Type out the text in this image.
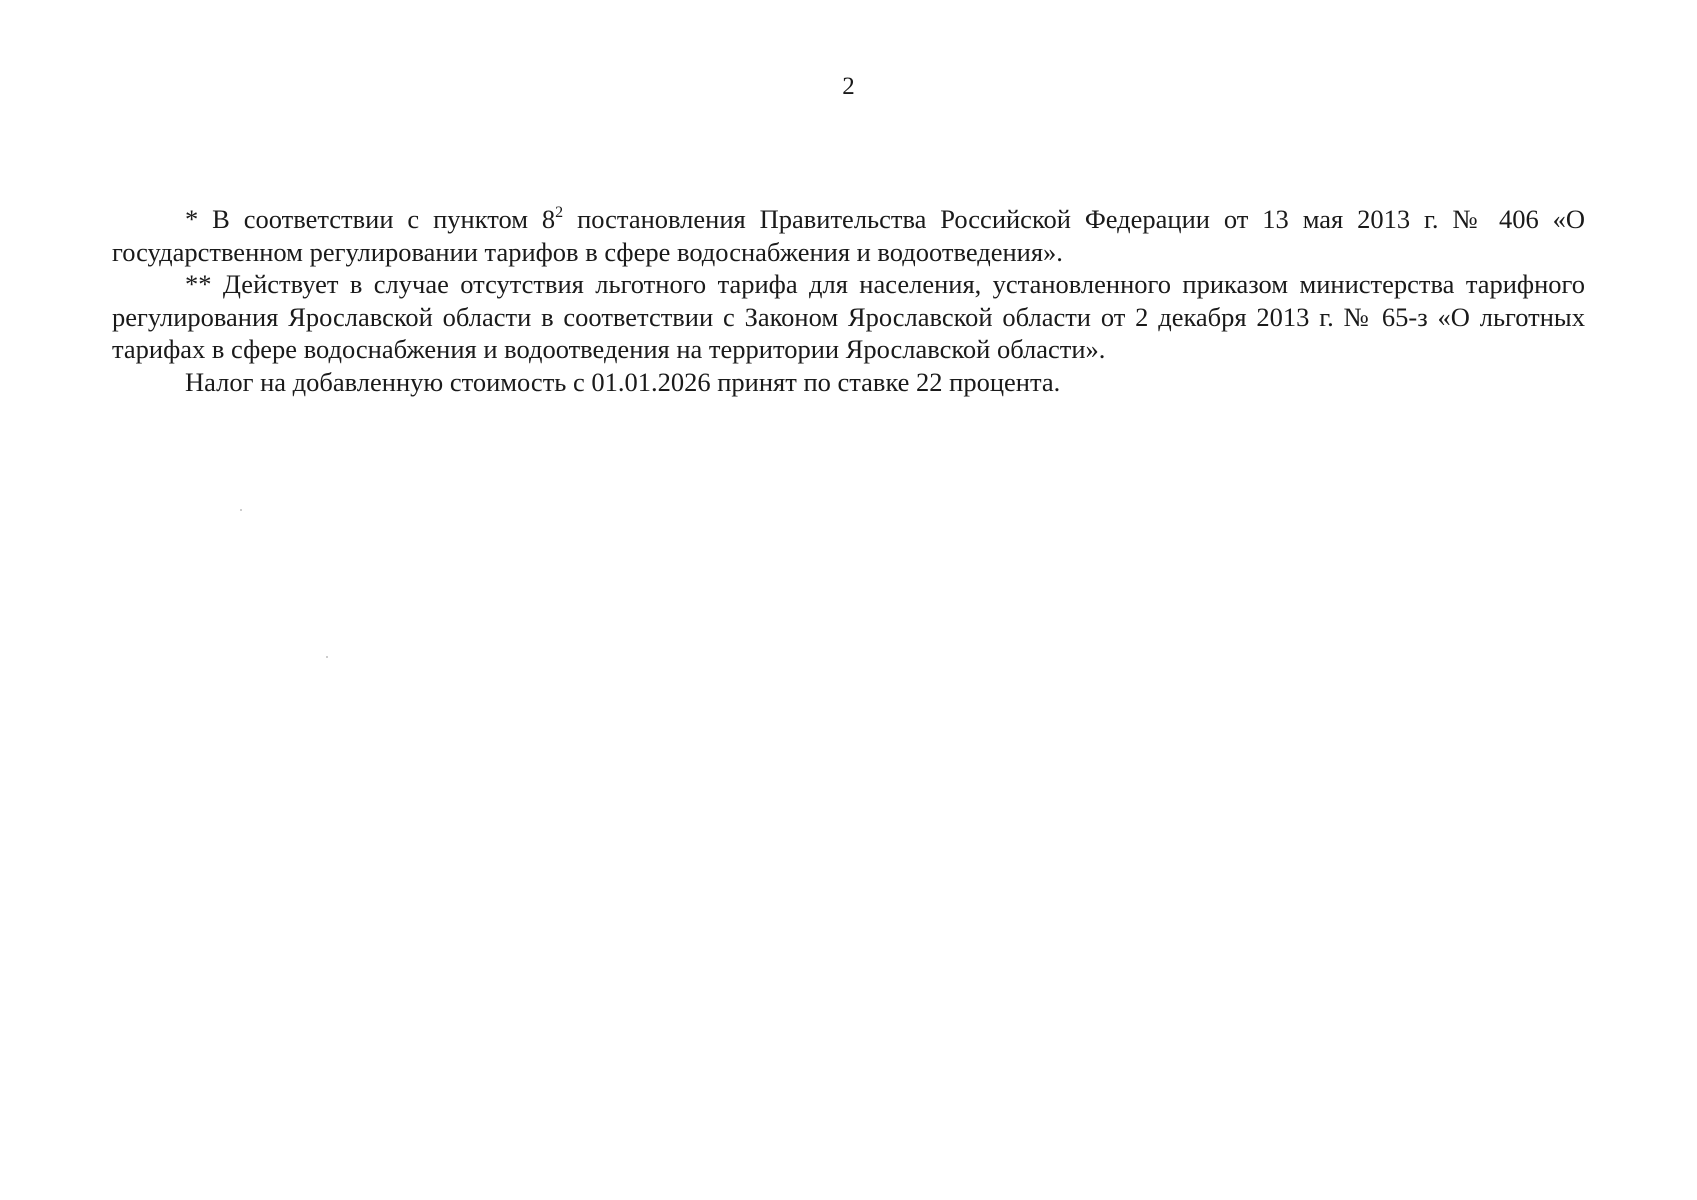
2

* В соответствии с пунктом $8^2$ постановления Правительства Российской Федерации от 13 мая 2013 г. № 406 «О государственном регулировании тарифов в сфере водоснабжения и водоотведения».

** Действует в случае отсутствия льготного тарифа для населения, установленного приказом министерства тарифного регулирования Ярославской области в соответствии с Законом Ярославской области от 2 декабря 2013 г. № 65-з «О льготных тарифах в сфере водоснабжения и водоотведения на территории Ярославской области».

Налог на добавленную стоимость с 01.01.2026 принят по ставке 22 процента.
